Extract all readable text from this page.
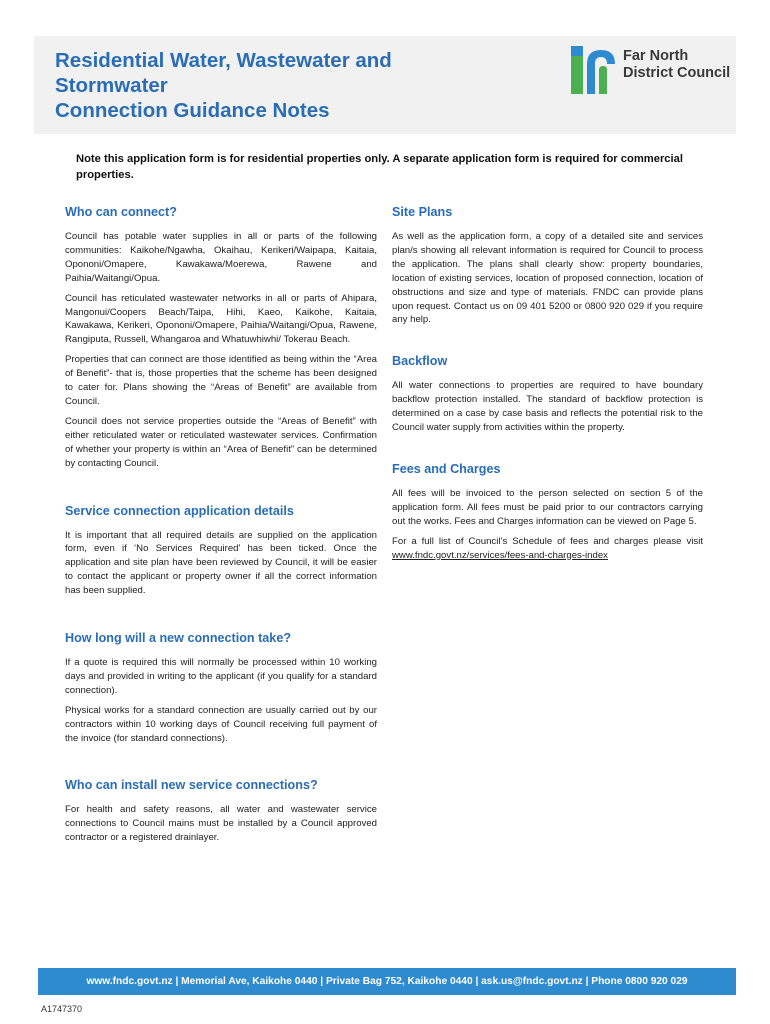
Residential Water, Wastewater and
Stormwater
Connection Guidance Notes
Far North
District Council
Note this application form is for residential properties only. A separate application form is required for commercial properties.
Who can connect?

Council has potable water supplies in all or parts of the following communities: Kaikohe/Ngawha, Okaihau, Kerikeri/Waipapa, Kaitaia, Opononi/Omapere, Kawakawa/Moerewa, Rawene and Paihia/Waitangi/Opua.

Council has reticulated wastewater networks in all or parts of Ahipara, Mangonui/Coopers Beach/Taipa, Hihi, Kaeo, Kaikohe, Kaitaia, Kawakawa, Kerikeri, Opononi/Omapere, Paihia/Waitangi/Opua, Rawene, Rangiputa, Russell, Whangaroa and Whatuwhiwhi/ Tokerau Beach.

Properties that can connect are those identified as being within the “Area of Benefit”- that is, those properties that the scheme has been designed to cater for. Plans showing the “Areas of Benefit” are available from Council.

Council does not service properties outside the “Areas of Benefit” with either reticulated water or reticulated wastewater services. Confirmation of whether your property is within an “Area of Benefit” can be determined by contacting Council.

Service connection application details

It is important that all required details are supplied on the application form, even if ‘No Services Required’ has been ticked. Once the application and site plan have been reviewed by Council, it will be easier to contact the applicant or property owner if all the correct information has been supplied.

How long will a new connection take?

If a quote is required this will normally be processed within 10 working days and provided in writing to the applicant (if you qualify for a standard connection).

Physical works for a standard connection are usually carried out by our contractors within 10 working days of Council receiving full payment of the invoice (for standard connections).

Who can install new service connections?

For health and safety reasons, all water and wastewater service connections to Council mains must be installed by a Council approved contractor or a registered drainlayer.

Site Plans

As well as the application form, a copy of a detailed site and services plan/s showing all relevant information is required for Council to process the application. The plans shall clearly show: property boundaries, location of existing services, location of proposed connection, location of obstructions and size and type of materials. FNDC can provide plans upon request. Contact us on 09 401 5200 or 0800 920 029 if you require any help.

Backflow

All water connections to properties are required to have boundary backflow protection installed. The standard of backflow protection is determined on a case by case basis and reflects the potential risk to the Council water supply from activities within the property.

Fees and Charges

All fees will be invoiced to the person selected on section 5 of the application form. All fees must be paid prior to our contractors carrying out the works. Fees and Charges information can be viewed on Page 5.

For a full list of Council’s Schedule of fees and charges please visit www.fndc.govt.nz/services/fees-and-charges-index

www.fndc.govt.nz | Memorial Ave, Kaikohe 0440 | Private Bag 752, Kaikohe 0440 | ask.us@fndc.govt.nz | Phone 0800 920 029
A1747370
